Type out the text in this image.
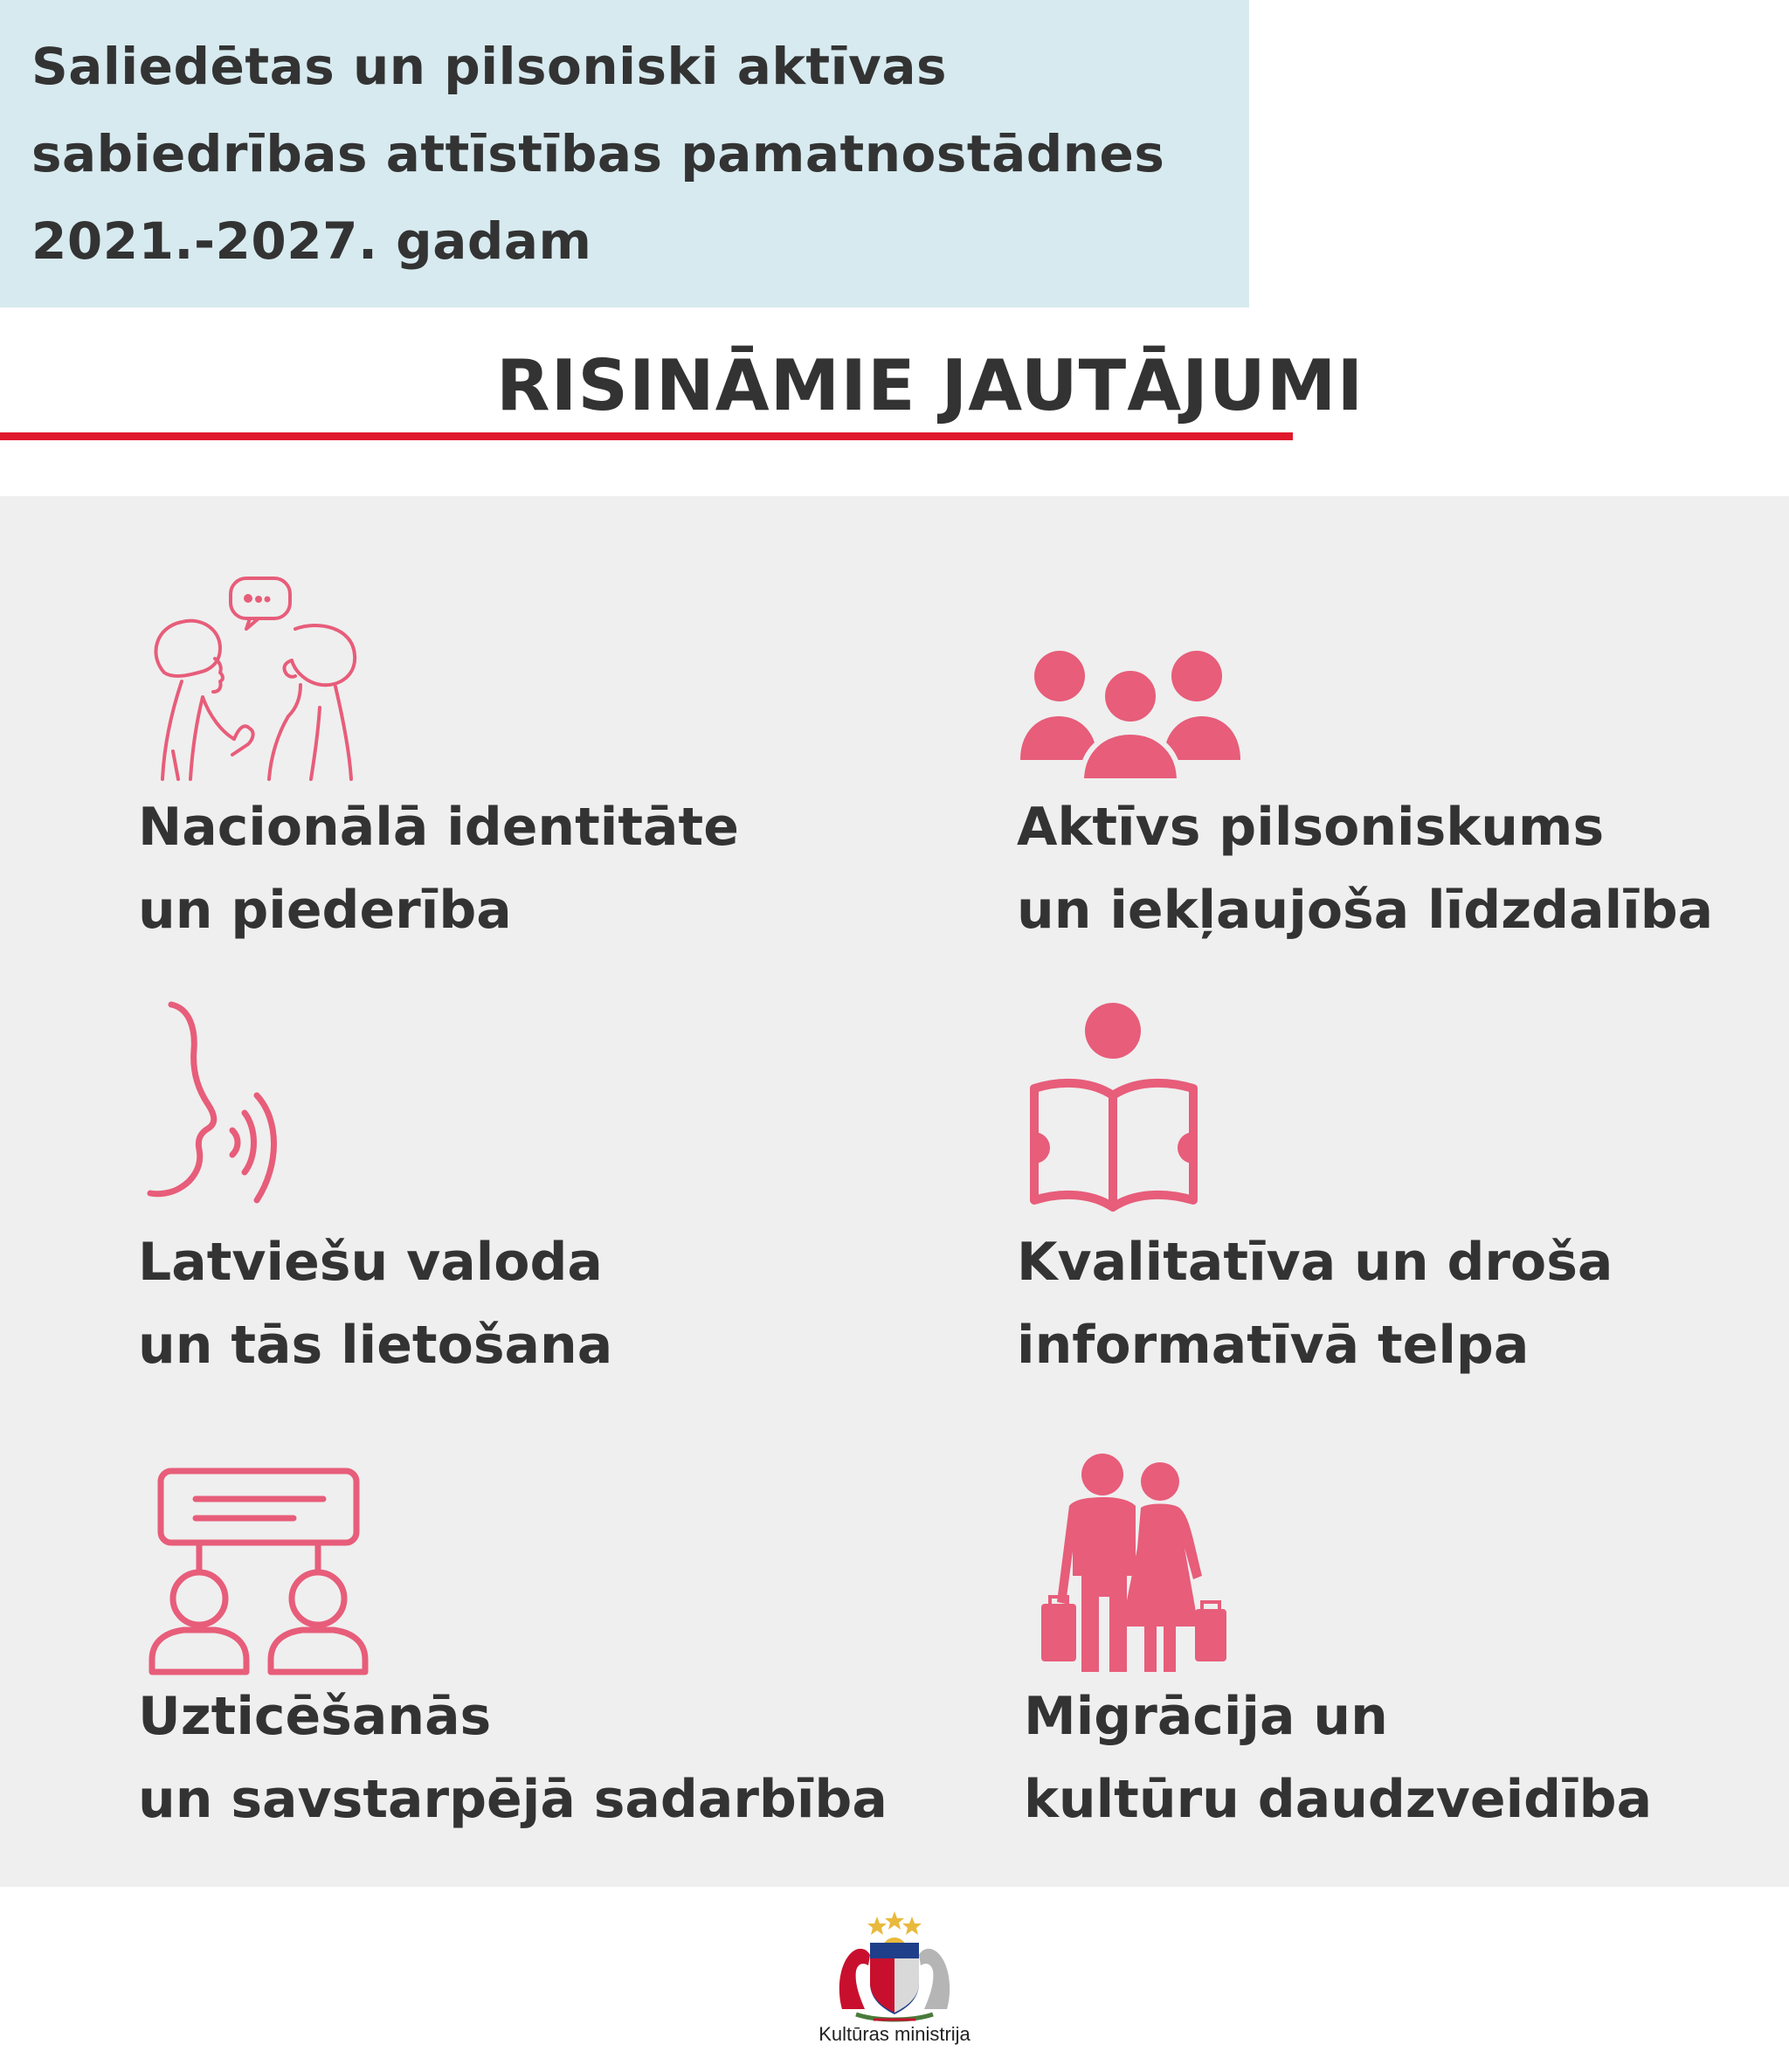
Saliedētas un pilsoniski aktīvas
sabiedrības attīstības pamatnostādnes
2021.-2027. gadam
RISINĀMIE JAUTĀJUMI
Nacionālā identitāte
un piederība
Aktīvs pilsoniskums
un iekļaujoša līdzdalība
Latviešu valoda
un tās lietošana
Kvalitatīva un droša
informatīvā telpa
Uzticēšanās
un savstarpējā sadarbība
Migrācija un
kultūru daudzveidība
Kultūras ministrija
